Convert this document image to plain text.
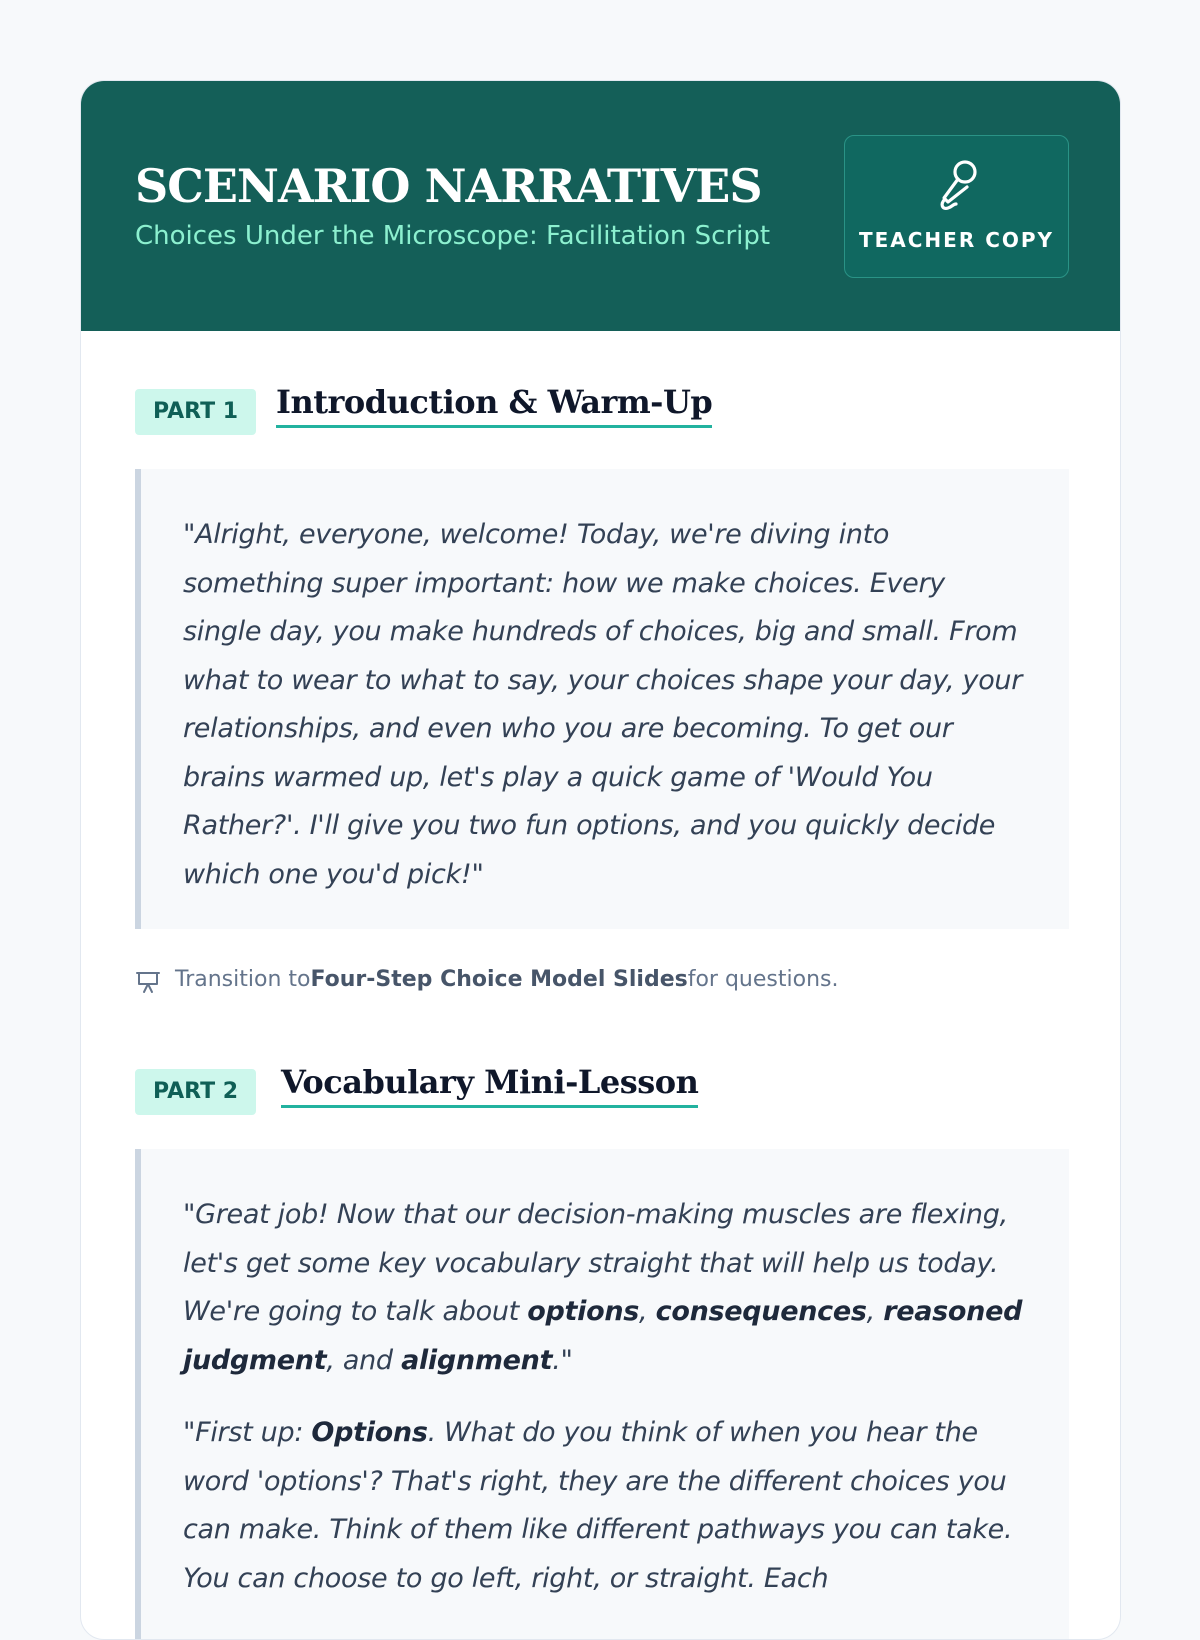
SCENARIO NARRATIVES
Choices Under the Microscope: Facilitation Script	TEACHER COPY
PART 1	Introduction & Warm-Up

"Alright, everyone, welcome! Today, we're diving into something super important: how we make choices. Every single day, you make hundreds of choices, big and small. From what to wear to what to say, your choices shape your day, your relationships, and even who you are becoming. To get our brains warmed up, let's play a quick game of 'Would You Rather?'. I'll give you two fun options, and you quickly decide which one you'd pick!"

Transition toFour-Step Choice Model Slidesfor questions.
PART 2	Vocabulary Mini-Lesson

"Great job! Now that our decision-making muscles are flexing, let's get some key vocabulary straight that will help us today. We're going to talk about options, consequences, reasoned judgment, and alignment."

"First up: Options. What do you think of when you hear the word 'options'? That's right, they are the different choices you can make. Think of them like different pathways you can take. You can choose to go left, right, or straight. Each
